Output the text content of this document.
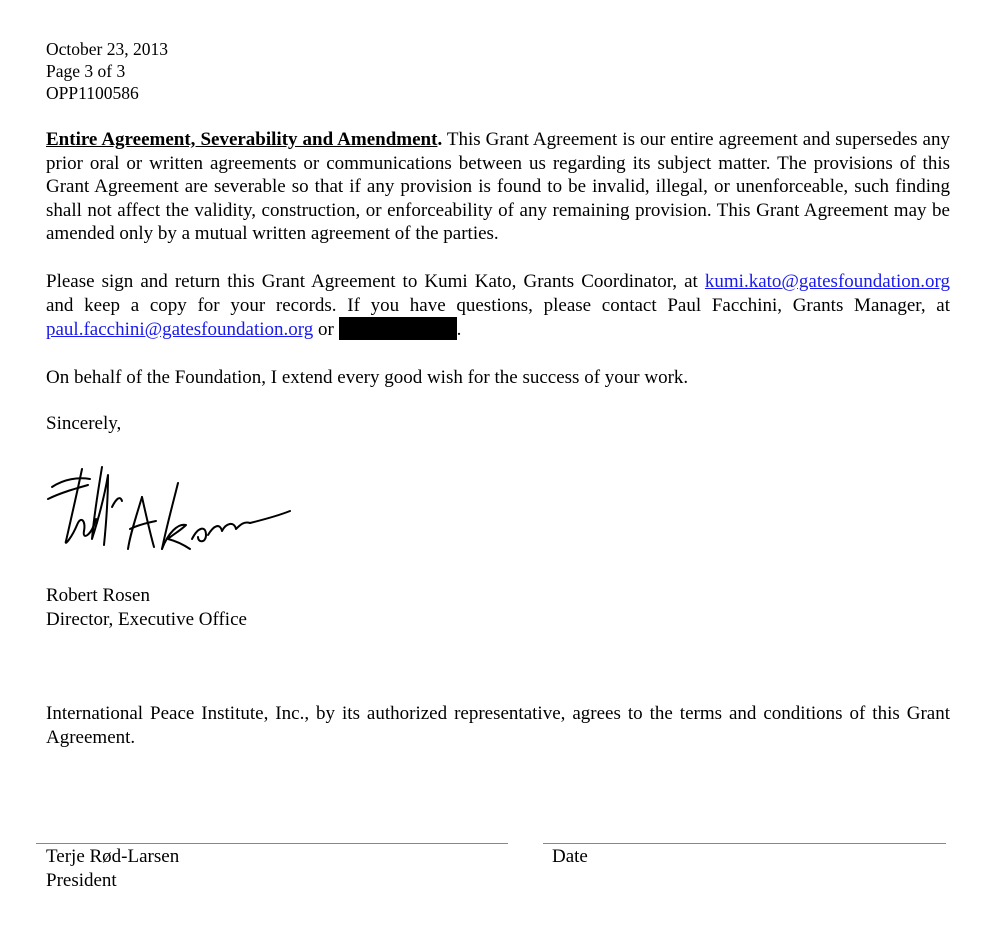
October 23, 2013
Page 3 of 3
OPP1100586
Entire Agreement, Severability and Amendment. This Grant Agreement is our entire agreement and supersedes any prior oral or written agreements or communications between us regarding its subject matter. The provisions of this Grant Agreement are severable so that if any provision is found to be invalid, illegal, or unenforceable, such finding shall not affect the validity, construction, or enforceability of any remaining provision. This Grant Agreement may be amended only by a mutual written agreement of the parties.
Please sign and return this Grant Agreement to Kumi Kato, Grants Coordinator, at kumi.kato@gatesfoundation.org and keep a copy for your records. If you have questions, please contact Paul Facchini, Grants Manager, at paul.facchini@gatesfoundation.org or	.
On behalf of the Foundation, I extend every good wish for the success of your work.
Sincerely,
Robert Rosen
Director, Executive Office
International Peace Institute, Inc., by its authorized representative, agrees to the terms and conditions of this Grant Agreement.
Terje Rød-Larsen
President
Date
